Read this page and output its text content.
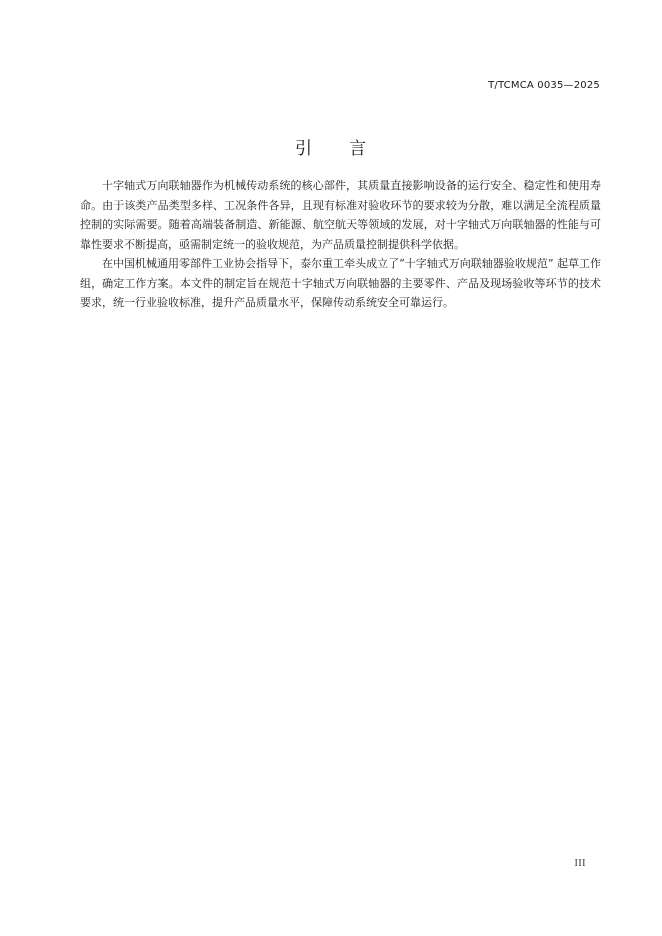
T/TCMCA 0035—2025
引　　言

十字轴式万向联轴器作为机械传动系统的核心部件，其质量直接影响设备的运行安全、稳定性和使用寿命。由于该类产品类型多样、工况条件各异，且现有标准对验收环节的要求较为分散，难以满足全流程质量控制的实际需要。随着高端装备制造、新能源、航空航天等领域的发展，对十字轴式万向联轴器的性能与可靠性要求不断提高，亟需制定统一的验收规范，为产品质量控制提供科学依据。

在中国机械通用零部件工业协会指导下，泰尔重工牵头成立了“十字轴式万向联轴器验收规范” 起草工作组，确定工作方案。本文件的制定旨在规范十字轴式万向联轴器的主要零件、产品及现场验收等环节的技术要求，统一行业验收标准，提升产品质量水平，保障传动系统安全可靠运行。

III
